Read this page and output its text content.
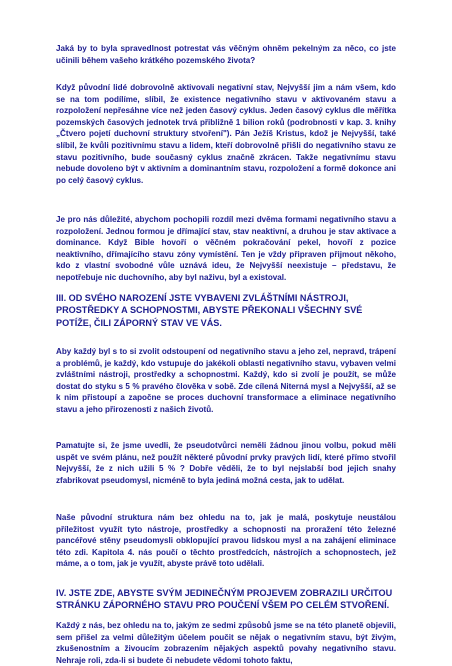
Jaká by to byla spravedlnost potrestat vás věčným ohněm pekelným za něco, co jste učinili během vašeho krátkého pozemského života?

Když původní lidé dobrovolně aktivovali negativní stav, Nejvyšší jim a nám všem, kdo se na tom podílíme, slíbil, že existence negativního stavu v aktivovaném stavu a rozpoložení nepřesáhne více než jeden časový cyklus. Jeden časový cyklus dle měřítka pozemských časových jednotek trvá přibližně 1 bilion roků (podrobnosti v kap. 3. knihy „Čtvero pojetí duchovní struktury stvoření"). Pán Ježíš Kristus, kdož je Nejvyšší, také slíbil, že kvůli pozitivnímu stavu a lidem, kteří dobrovolně přišli do negativního stavu ze stavu pozitivního, bude současný cyklus značně zkrácen. Takže negativnímu stavu nebude dovoleno být v aktivním a dominantním stavu, rozpoložení a formě dokonce ani po celý časový cyklus.

Je pro nás důležité, abychom pochopili rozdíl mezi dvěma formami negativního stavu a rozpoložení. Jednou formou je dřímající stav, stav neaktivní, a druhou je stav aktivace a dominance. Když Bible hovoří o věčném pokračování pekel, hovoří z pozice neaktivního, dřímajícího stavu zóny vymístění. Ten je vždy připraven přijmout někoho, kdo z vlastní svobodné vůle uznává ideu, že Nejvyšší neexistuje – představu, že nepotřebuje nic duchovního, aby byl naživu, byl a existoval.

III. OD SVÉHO NAROZENÍ JSTE VYBAVENI ZVLÁŠTNÍMI NÁSTROJI, PROSTŘEDKY A SCHOPNOSTMI, ABYSTE PŘEKONALI VŠECHNY SVÉ POTÍŽE, ČILI ZÁPORNÝ STAV VE VÁS.

Aby každý byl s to si zvolit odstoupení od negativního stavu a jeho zel, nepravd, trápení a problémů, je každý, kdo vstupuje do jakékoli oblasti negativního stavu, vybaven velmi zvláštními nástroji, prostředky a schopnostmi. Každý, kdo si zvolí je použít, se může dostat do styku s 5 % pravého člověka v sobě. Zde cílená Niterná mysl a Nejvyšší, až se k nim přistoupí a započne se proces duchovní transformace a eliminace negativního stavu a jeho přirozenosti z našich životů.

Pamatujte si, že jsme uvedli, že pseudotvůrci neměli žádnou jinou volbu, pokud měli uspět ve svém plánu, než použít některé původní prvky pravých lidí, které přímo stvořil Nejvyšší, že z nich užili 5 % ? Dobře věděli, že to byl nejslabší bod jejich snahy zfabrikovat pseudomysl, nicméně to byla jediná možná cesta, jak to udělat.

Naše původní struktura nám bez ohledu na to, jak je malá, poskytuje neustálou příležitost využít tyto nástroje, prostředky a schopnosti na proražení této železné pancéřové stěny pseudomysli obklopující pravou lidskou mysl a na zahájení eliminace této zdi. Kapitola 4. nás poučí o těchto prostředcích, nástrojích a schopnostech, jež máme, a o tom, jak je využít, abyste právě toto udělali.

IV. JSTE ZDE, ABYSTE SVÝM JEDINEČNÝM PROJEVEM ZOBRAZILI URČITOU STRÁNKU ZÁPORNÉHO STAVU PRO POUČENÍ VŠEM PO CELÉM STVOŘENÍ.

Každý z nás, bez ohledu na to, jakým ze sedmi způsobů jsme se na této planetě objevili, sem přišel za velmi důležitým účelem poučit se nějak o negativním stavu, být živým, zkušenostním a živoucím zobrazením nějakých aspektů povahy negativního stavu. Nehraje roli, zda-li si budete či nebudete vědomi tohoto faktu,
